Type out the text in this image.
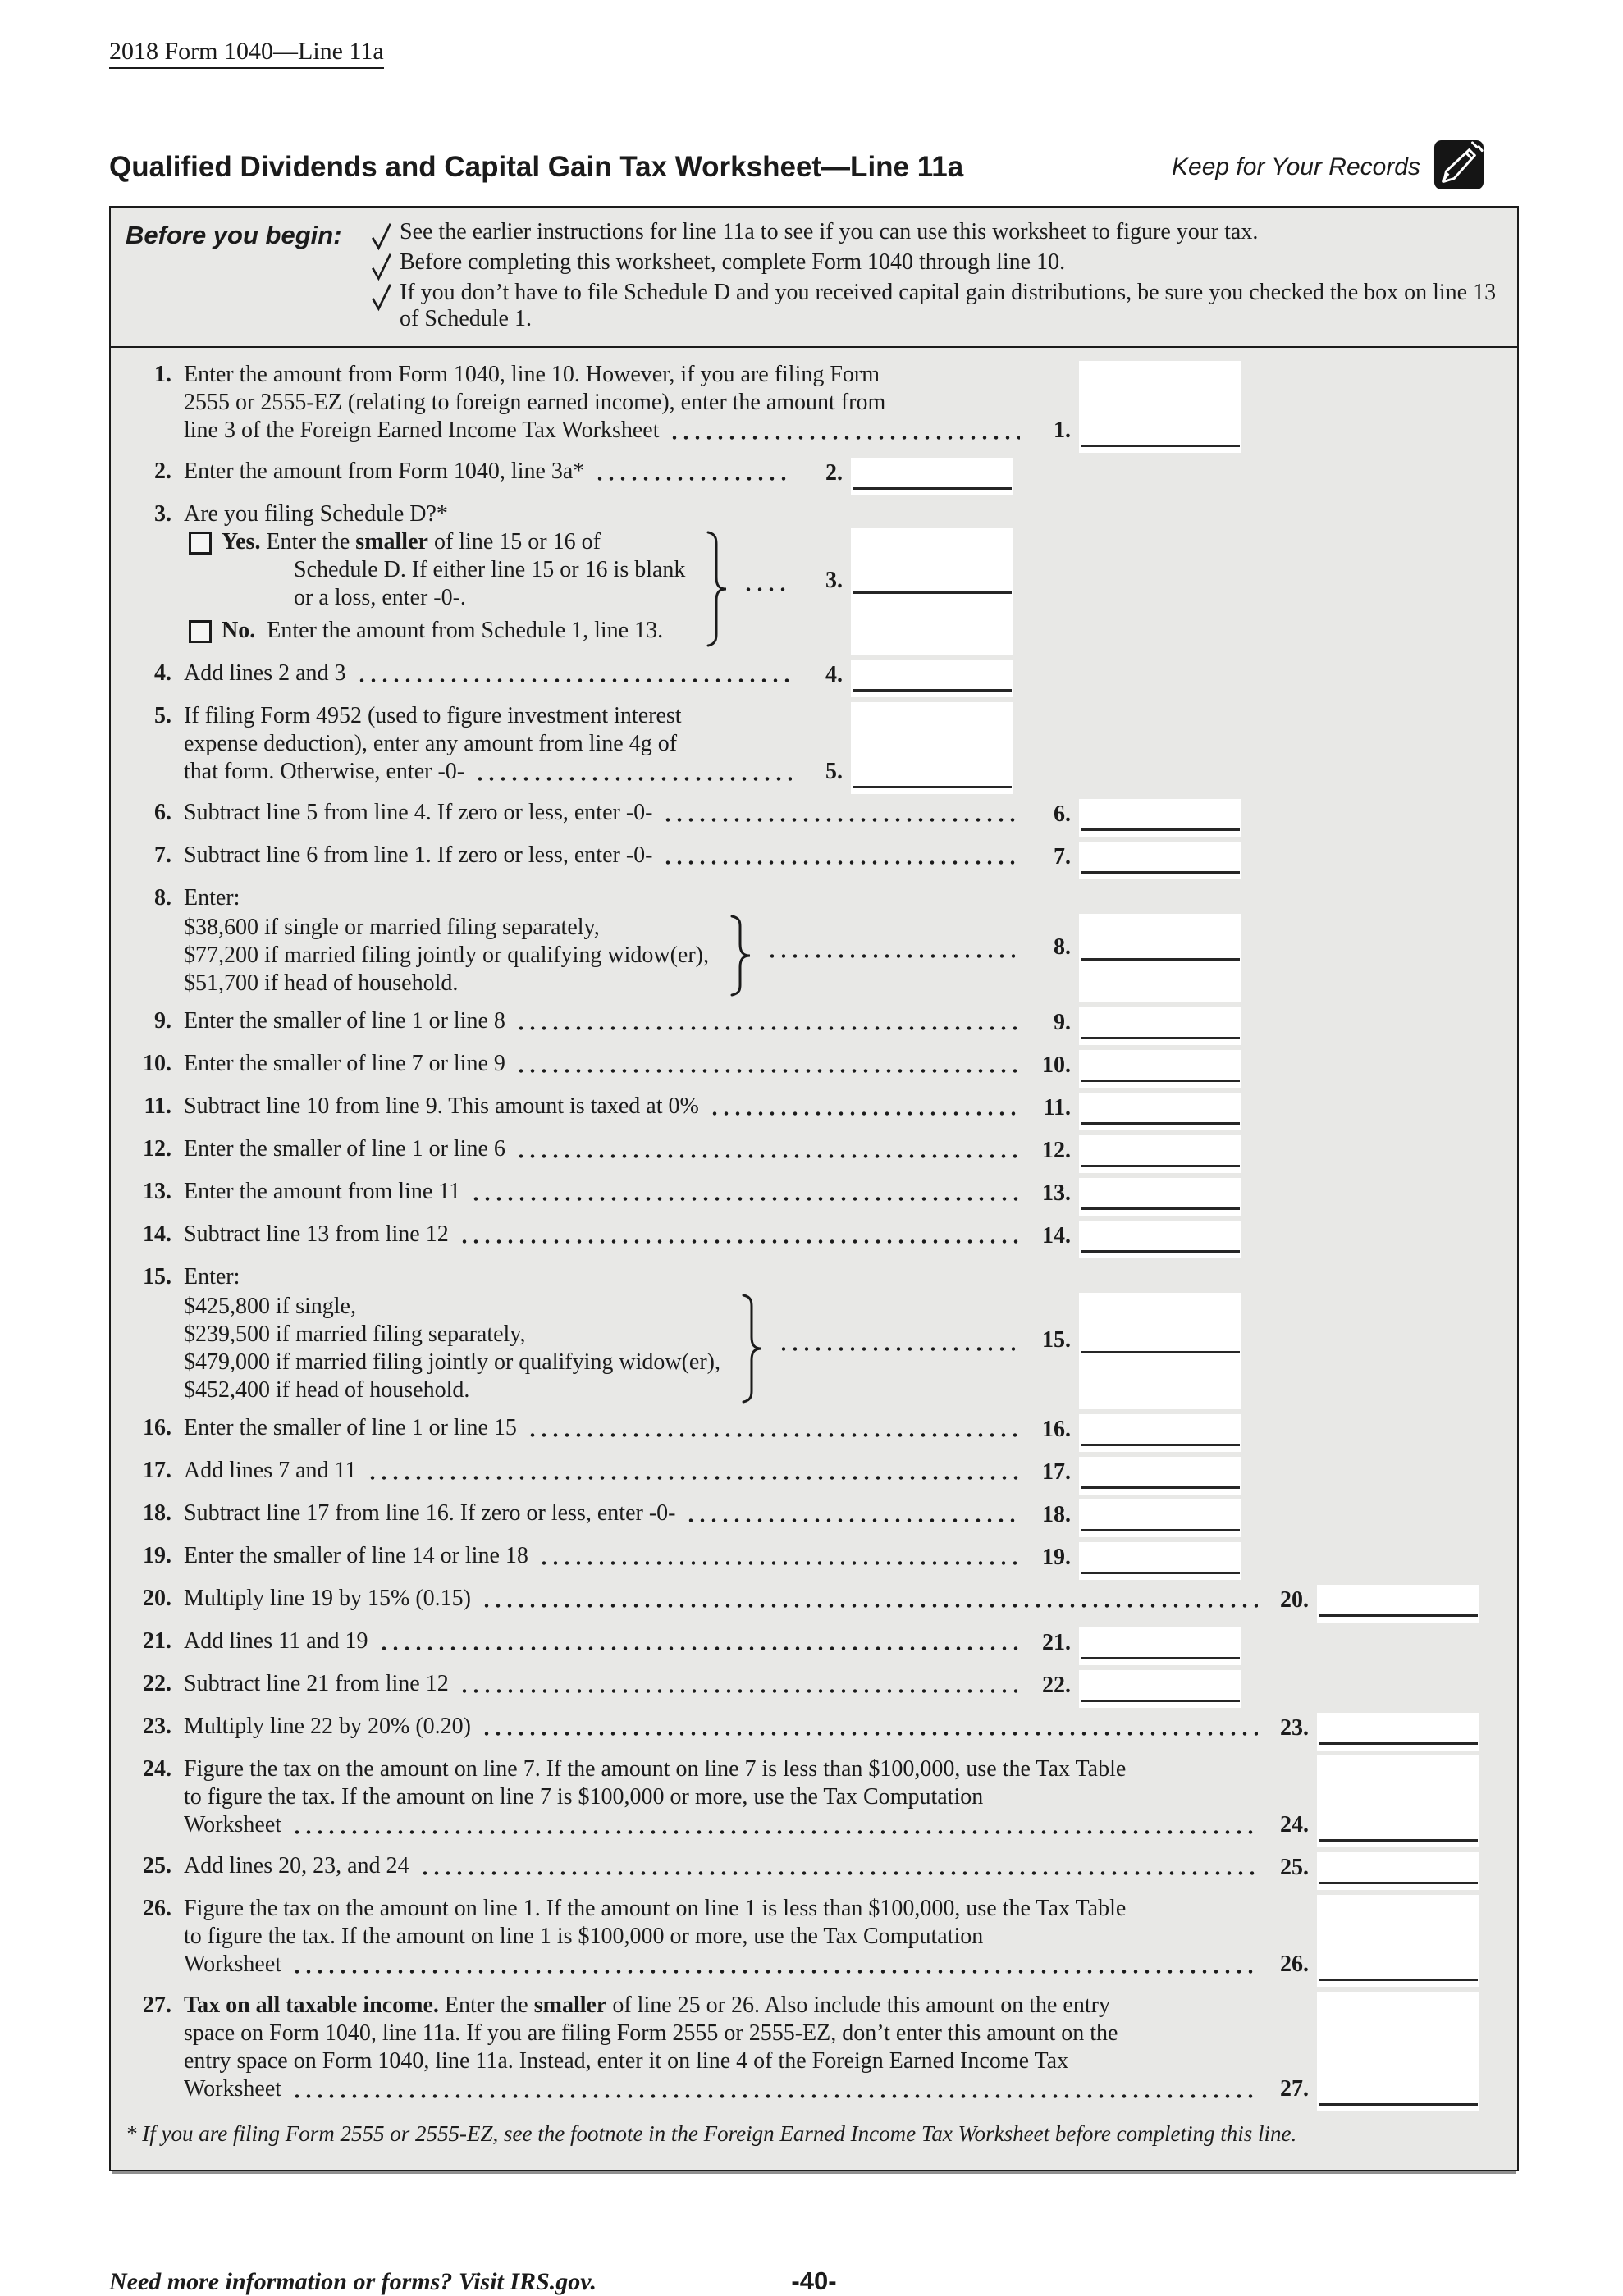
2018 Form 1040—Line 11a
Qualified Dividends and Capital Gain Tax Worksheet—Line 11a	Keep for Your Records
Before you begin:	See the earlier instructions for line 11a to see if you can use this worksheet to figure your tax.
Before completing this worksheet, complete Form 1040 through line 10.
If you don’t have to file Schedule D and you received capital gain distributions, be sure you checked the box on line 13 of Schedule 1.
1. Enter the amount from Form 1040, line 10. However, if you are filing Form
2555 or 2555-EZ (relating to foreign earned income), enter the amount from
line 3 of the Foreign Earned Income Tax Worksheet	1.
2. Enter the amount from Form 1040, line 3a*	2.
3. Are you filing Schedule D?*
Yes. Enter the smaller of line 15 or 16 of
Schedule D. If either line 15 or 16 is blank
or a loss, enter -0-.
No. Enter the amount from Schedule 1, line 13.
3.
4. Add lines 2 and 3	4.
5. If filing Form 4952 (used to figure investment interest
expense deduction), enter any amount from line 4g of
that form. Otherwise, enter -0-	5.
6. Subtract line 5 from line 4. If zero or less, enter -0-	6.
7. Subtract line 6 from line 1. If zero or less, enter -0-	7.
8. Enter:
$38,600 if single or married filing separately,
$77,200 if married filing jointly or qualifying widow(er),
$51,700 if head of household.
8.
9. Enter the smaller of line 1 or line 8	9.
10. Enter the smaller of line 7 or line 9	10.
11. Subtract line 10 from line 9. This amount is taxed at 0%	11.
12. Enter the smaller of line 1 or line 6	12.
13. Enter the amount from line 11	13.
14. Subtract line 13 from line 12	14.
15. Enter:
$425,800 if single,
$239,500 if married filing separately,
$479,000 if married filing jointly or qualifying widow(er),
$452,400 if head of household.
15.
16. Enter the smaller of line 1 or line 15	16.
17. Add lines 7 and 11	17.
18. Subtract line 17 from line 16. If zero or less, enter -0-	18.
19. Enter the smaller of line 14 or line 18	19.
20. Multiply line 19 by 15% (0.15)	20.
21. Add lines 11 and 19	21.
22. Subtract line 21 from line 12	22.
23. Multiply line 22 by 20% (0.20)	23.
24. Figure the tax on the amount on line 7. If the amount on line 7 is less than $100,000, use the Tax Table
to figure the tax. If the amount on line 7 is $100,000 or more, use the Tax Computation
Worksheet	24.
25. Add lines 20, 23, and 24	25.
26. Figure the tax on the amount on line 1. If the amount on line 1 is less than $100,000, use the Tax Table
to figure the tax. If the amount on line 1 is $100,000 or more, use the Tax Computation
Worksheet	26.
27. Tax on all taxable income. Enter the smaller of line 25 or 26. Also include this amount on the entry
space on Form 1040, line 11a. If you are filing Form 2555 or 2555-EZ, don’t enter this amount on the
entry space on Form 1040, line 11a. Instead, enter it on line 4 of the Foreign Earned Income Tax
Worksheet	27.
* If you are filing Form 2555 or 2555-EZ, see the footnote in the Foreign Earned Income Tax Worksheet before completing this line.
Need more information or forms? Visit IRS.gov.	-40-
